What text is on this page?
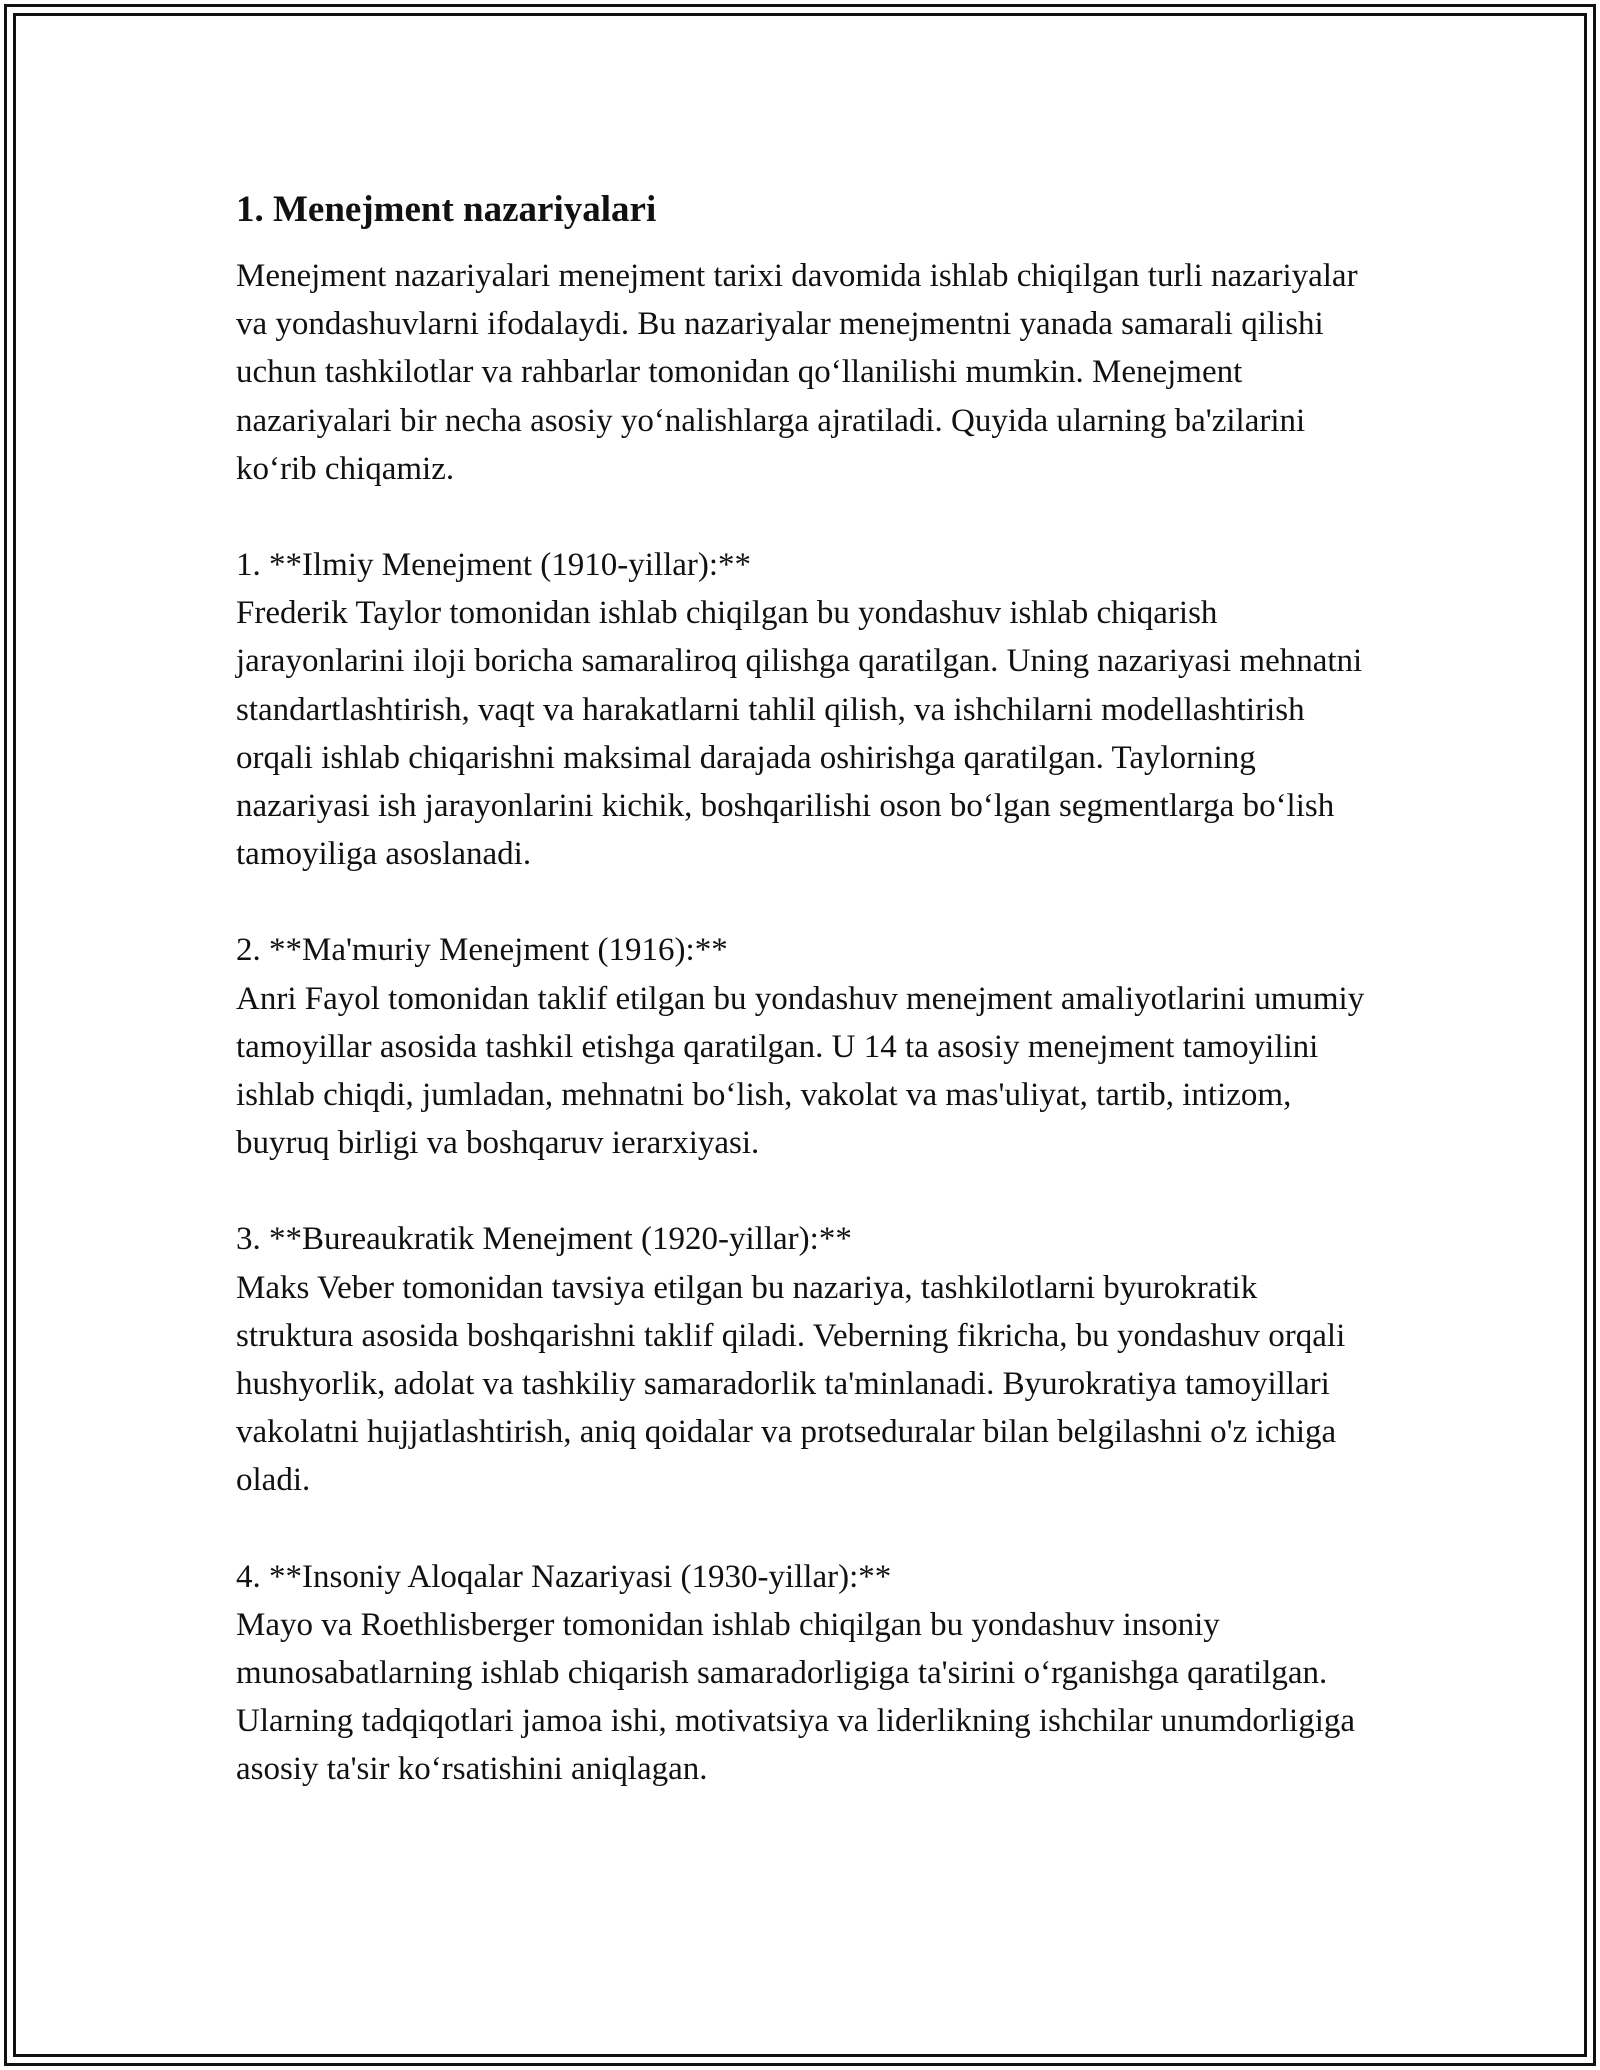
1. Menejment nazariyalari

Menejment nazariyalari menejment tarixi davomida ishlab chiqilgan turli nazariyalar va yondashuvlarni ifodalaydi. Bu nazariyalar menejmentni yanada samarali qilishi uchun tashkilotlar va rahbarlar tomonidan qoʻllanilishi mumkin. Menejment nazariyalari bir necha asosiy yoʻnalishlarga ajratiladi. Quyida ularning ba'zilarini koʻrib chiqamiz.

1. **Ilmiy Menejment (1910-yillar):**

Frederik Taylor tomonidan ishlab chiqilgan bu yondashuv ishlab chiqarish jarayonlarini iloji boricha samaraliroq qilishga qaratilgan. Uning nazariyasi mehnatni standartlashtirish, vaqt va harakatlarni tahlil qilish, va ishchilarni modellashtirish orqali ishlab chiqarishni maksimal darajada oshirishga qaratilgan. Taylorning nazariyasi ish jarayonlarini kichik, boshqarilishi oson boʻlgan segmentlarga boʻlish tamoyiliga asoslanadi.

2. **Ma'muriy Menejment (1916):**

Anri Fayol tomonidan taklif etilgan bu yondashuv menejment amaliyotlarini umumiy tamoyillar asosida tashkil etishga qaratilgan. U 14 ta asosiy menejment tamoyilini ishlab chiqdi, jumladan, mehnatni boʻlish, vakolat va mas'uliyat, tartib, intizom, buyruq birligi va boshqaruv ierarxiyasi.

3. **Bureaukratik Menejment (1920-yillar):**

Maks Veber tomonidan tavsiya etilgan bu nazariya, tashkilotlarni byurokratik struktura asosida boshqarishni taklif qiladi. Veberning fikricha, bu yondashuv orqali hushyorlik, adolat va tashkiliy samaradorlik ta'minlanadi. Byurokratiya tamoyillari vakolatni hujjatlashtirish, aniq qoidalar va protseduralar bilan belgilashni o'z ichiga oladi.

4. **Insoniy Aloqalar Nazariyasi (1930-yillar):**

Mayo va Roethlisberger tomonidan ishlab chiqilgan bu yondashuv insoniy munosabatlarning ishlab chiqarish samaradorligiga ta'sirini oʻrganishga qaratilgan. Ularning tadqiqotlari jamoa ishi, motivatsiya va liderlikning ishchilar unumdorligiga asosiy ta'sir koʻrsatishini aniqlagan.
